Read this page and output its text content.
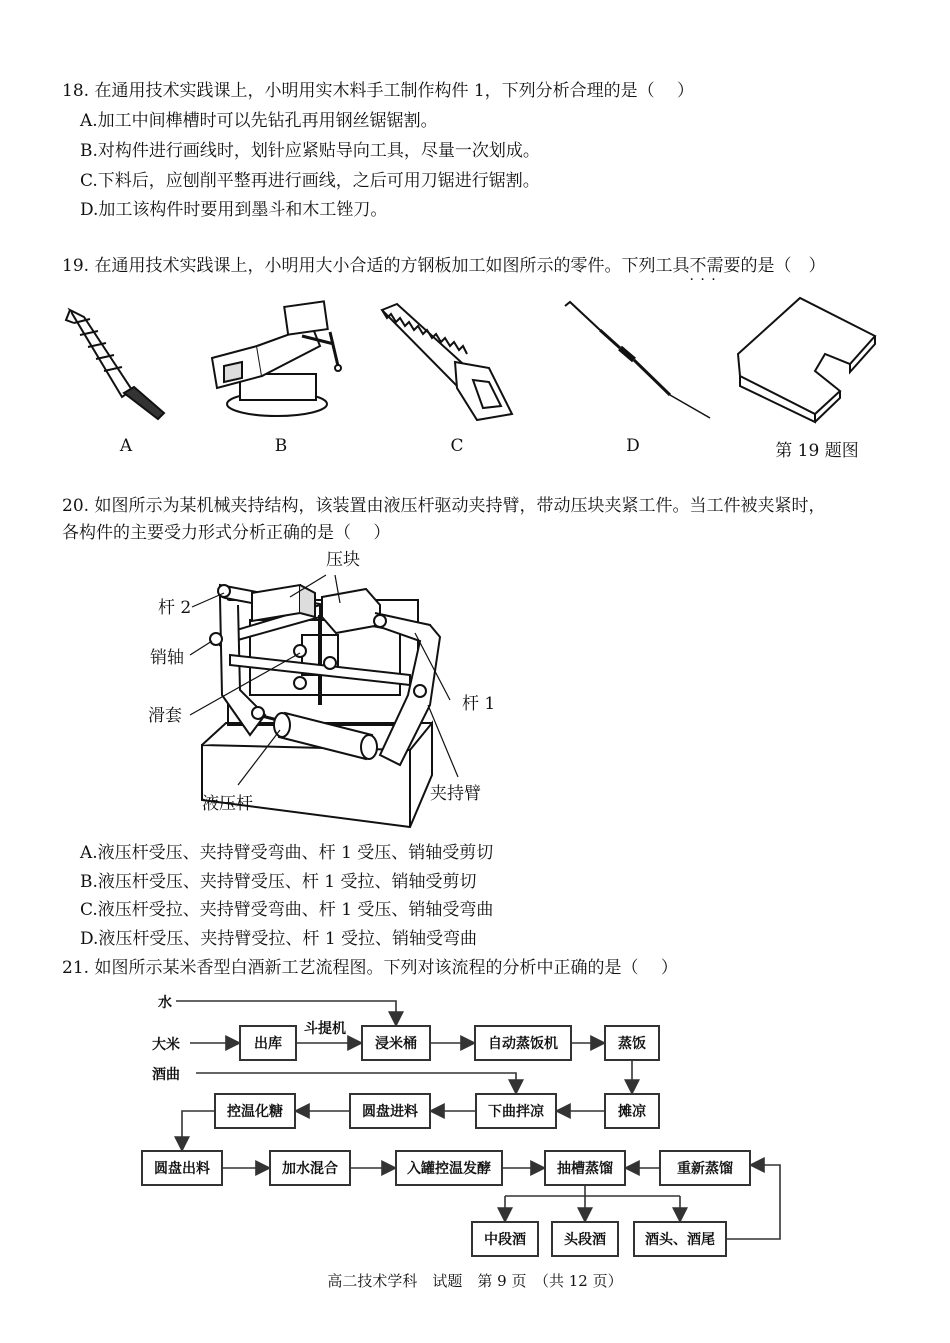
18. 在通用技术实践课上，小明用实木料手工制作构件 1，下列分析合理的是（　 ）
A.加工中间榫槽时可以先钻孔再用钢丝锯锯割。
B.对构件进行画线时，划针应紧贴导向工具，尽量一次划成。
C.下料后，应刨削平整再进行画线，之后可用刀锯进行锯割。
D.加工该构件时要用到墨斗和木工锉刀。
19. 在通用技术实践课上，小明用大小合适的方钢板加工如图所示的零件。下列工具不需要 · · ·的是（　）
A	B	C	D	第 19 题图
20. 如图所示为某机械夹持结构，该装置由液压杆驱动夹持臂，带动压块夹紧工件。当工件被夹紧时，
各构件的主要受力形式分析正确的是（　 ）
压块
杆 2
销轴
滑套
杆 1
液压杆	夹持臂
A.液压杆受压、夹持臂受弯曲、杆 1 受压、销轴受剪切
B.液压杆受压、夹持臂受压、杆 1 受拉、销轴受剪切
C.液压杆受拉、夹持臂受弯曲、杆 1 受压、销轴受弯曲
D.液压杆受压、夹持臂受拉、杆 1 受拉、销轴受弯曲
21. 如图所示某米香型白酒新工艺流程图。下列对该流程的分析中正确的是（　 ）
水
大米
酒曲
斗提机
出库	浸米桶	自动蒸饭机	蒸饭
摊凉
下曲拌凉
圆盘进料
控温化糖
圆盘出料	加水混合	入罐控温发酵	抽槽蒸馏	重新蒸馏
中段酒	头段酒	酒头、酒尾
高二技术学科　试题　第 9 页　（共 12 页）
